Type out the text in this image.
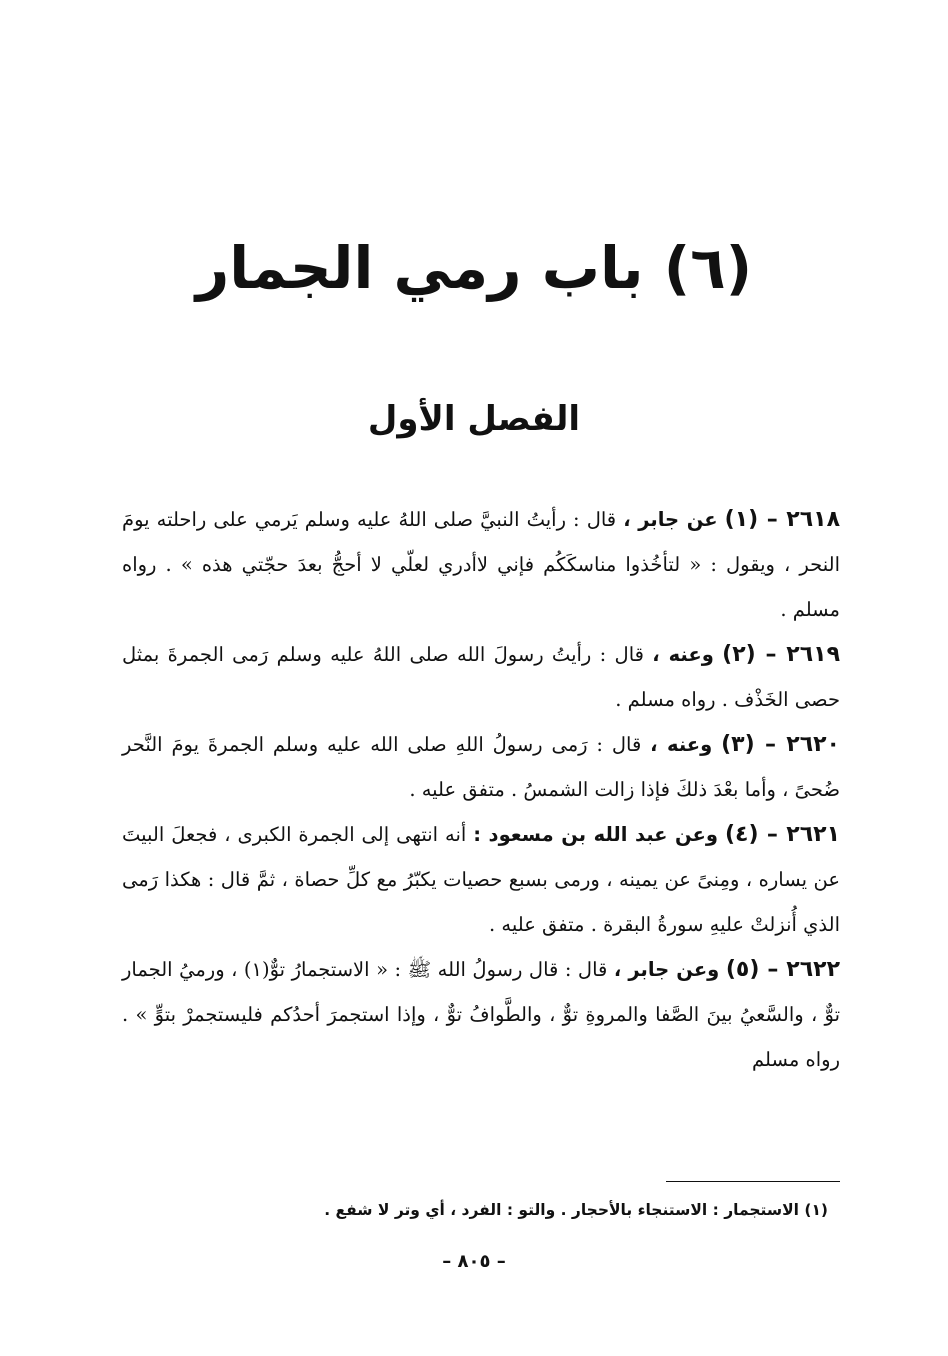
(٦) باب رمي الجمار
الفصل الأول

٢٦١٨ – (١) عن جابر ، قال : رأيتُ النبيَّ صلى اللهُ عليه وسلم يَرمي على راحلته يومَ النحر ، ويقول : « لتأخُذوا مناسكَكُم فإني لاأدري لعلّي لا أحجُّ بعدَ حجّتي هذه » . رواه مسلم .

٢٦١٩ – (٢) وعنه ، قال : رأيتُ رسولَ الله صلى اللهُ عليه وسلم رَمى الجمرةَ بمثل حصى الخَذْف . رواه مسلم .

٢٦٢٠ – (٣) وعنه ، قال : رَمى رسولُ اللهِ صلى الله عليه وسلم الجمرةَ يومَ النَّحر ضُحىً ، وأما بعْدَ ذلكَ فإذا زالت الشمسُ . متفق عليه .

٢٦٢١ – (٤) وعن عبد الله بن مسعود : أنه انتهى إلى الجمرة الكبرى ، فجعلَ البيتَ عن يساره ، ومِنىً عن يمينه ، ورمى بسبع حصيات يكبّرُ مع كلِّ حصاة ، ثمَّ قال : هكذا رَمى الذي أُنزلتْ عليهِ سورةُ البقرة . متفق عليه .

٢٦٢٢ – (٥) وعن جابر ، قال : قال رسولُ الله ﷺ : « الاستجمارُ توٌّ(١) ، ورميُ الجمار توٌّ ، والسَّعيُ بينَ الصَّفا والمروةِ توٌّ ، والطَّوافُ توٌّ ، وإذا استجمرَ أحدُكم فليستجمرْ بتوٍّ » . رواه مسلم

(١) الاستجمار : الاستنجاء بالأحجار . والتو : الفرد ، أي وتر لا شفع .

– ٨٠٥ –
